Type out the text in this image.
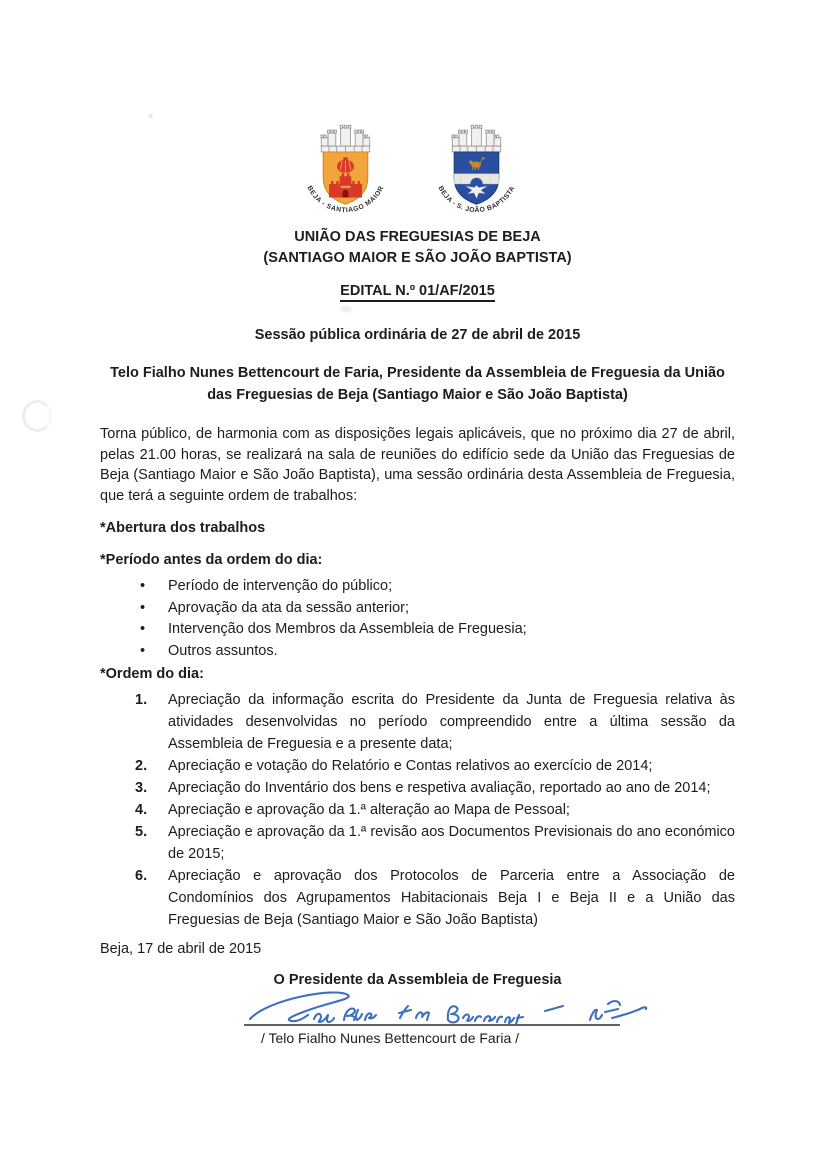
BEJA - SANTIAGO MAIOR	BEJA - S. JOÃO BAPTISTA
UNIÃO DAS FREGUESIAS DE BEJA
(SANTIAGO MAIOR E SÃO JOÃO BAPTISTA)
EDITAL N.º 01/AF/2015
Sessão pública ordinária de 27 de abril de 2015
Telo Fialho Nunes Bettencourt de Faria, Presidente da Assembleia de Freguesia da União das Freguesias de Beja (Santiago Maior e São João Baptista)

Torna público, de harmonia com as disposições legais aplicáveis, que no próximo dia 27 de abril, pelas 21.00 horas, se realizará na sala de reuniões do edifício sede da União das Freguesias de Beja (Santiago Maior e São João Baptista), uma sessão ordinária desta Assembleia de Freguesia, que terá a seguinte ordem de trabalhos:

*Abertura dos trabalhos
*Período antes da ordem do dia:
• Período de intervenção do público;
• Aprovação da ata da sessão anterior;
• Intervenção dos Membros da Assembleia de Freguesia;
• Outros assuntos.
*Ordem do dia:
1. Apreciação da informação escrita do Presidente da Junta de Freguesia relativa às atividades desenvolvidas no período compreendido entre a última sessão da Assembleia de Freguesia e a presente data;
2. Apreciação e votação do Relatório e Contas relativos ao exercício de 2014;
3. Apreciação do Inventário dos bens e respetiva avaliação, reportado ao ano de 2014;
4. Apreciação e aprovação da 1.ª alteração ao Mapa de Pessoal;
5. Apreciação e aprovação da 1.ª revisão aos Documentos Previsionais do ano económico de 2015;
6. Apreciação e aprovação dos Protocolos de Parceria entre a Associação de Condomínios dos Agrupamentos Habitacionais Beja I e Beja II e a União das Freguesias de Beja (Santiago Maior e São João Baptista)
Beja, 17 de abril de 2015
O Presidente da Assembleia de Freguesia
/ Telo Fialho Nunes Bettencourt de Faria /
